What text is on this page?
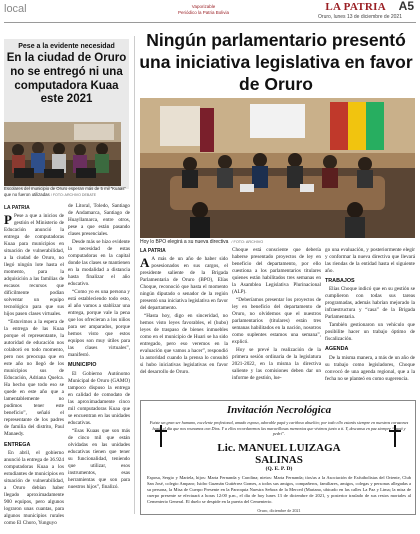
local	Vaporizable
Periódico la Patria Bolivia	LA PATRIA A5
Oruro, lunes 13 de diciembre de 2021
Pese a la evidente necesidad
En la ciudad de Oruro no se entregó ni una computadora Kuaa este 2021
Escolares del municipio de Oruro esperan más de 5 mil “Kuaas” que no fueron utilizadas / FOTO: ARCHIVO DEBATE
LA PATRIA

P Pese a que a inicios de gestión el Ministerio de Educación anunció la entrega de computadoras Kuaa para municipios en situación de vulnerabilidad, a la ciudad de Oruro, no llegó ningún lote hasta el momento, para la adquisición a las familias de escasos recursos que difícilmente podían solventar un equipo tecnológico para que sus hijos pasen clases virtuales.

“Estuvimos a la espera de la entrega de las Kuaa porque el representante, la autoridad de educación nos colaboró en todo momento, pero nos preocupa que en este año no llegó de los municipios sus de Educación, Adriana Quelca. Ha hecho que todo eso se quede en este año que a lamentablemente no pudimos tener este beneficio”, señaló el representante de los padres de familia del distrito, Paul Manaedy.

ENTREGA

En abril, el gobierno anunció la entrega de 36.924 computadoras Kuaa a los estudiantes de municipios en situación de vulnerabilidad, a Oruro debían haber llegado aproximadamente 900 equipos, pero algunos lograron unas cuantas, para algunos municipios rurales como El Choro, Yunguyo

de Litoral, Toledo, Santiago de Andamarca, Santiago de Huayllamarca, entre otros, pese a que están pasando clases presenciales.

Desde más se hizo evidente la necesidad de estas computadoras en la capital donde las clases se mantienen en la modalidad a distancia hasta finalizar el año educativo.

“Como yo es una persona y está estableciendo todo esto, al año vamos a stablizar una entrega, porque vale la pena que los ofrecieran a los niños para ser amparados, porque hemos visto que estos equipos son muy útiles para las clases virtuales”, manifestó.

MUNICIPIO

El Gobierno Autónomo Municipal de Oruro (GAMO) tampoco dispuso la entrega en calidad de comodato de las aproximadamente cinco mil computadoras Kuaa que se encuentran en las unidades educativas.

“Esas Kuaas que son más de cinco mil que están olvidadas en las unidades educativas tienen que tener su funcionalidad, teniendo que utilizar, esos instrumentos, esas herramientas que son para nuestros hijos”, finalizó.

Ningún parlamentario presentó una iniciativa legislativa en favor de Oruro
Hoy lo BPO elegirá a su nueva directiva / FOTO: ARCHIVO
LA PATRIA

A A más de un año de haber sido posesionados en sus cargos, el presidente saliente de la Brigada Parlamentaria de Oruro (BPO), Elías Choque, reconoció que hasta el momento ningún diputado o senador de la región presentó una iniciativa legislativa en favor del departamento.

“Hasta hoy, digo en sinceridad, no hemos visto leyes favorables, el (hubo) leyes de traspaso de bienes inmuebles como en el municipio de Huari se ha sido entregado, pero eso veremos en la evaluación que vamos a hacer”, respondió la autoridad cuando la prensa lo consultó si hubo iniciativas legislativas en favor del desarrollo de Oruro.

Choque está consciente que debería haberse presentado proyectos de ley en beneficio del departamento, por ello cuestiona a los parlamentarios titulares quienes están habilitados tres semanas en la Asamblea Legislativa Plurinacional (ALP).

“Deberíamos presentar los proyectos de ley en beneficio del departamento de Oruro, no olvidemos que el nuestros parlamentarios (titulares) están tres semanas habilitados en la nación, nosotros como suplentes estamos una semana”, explicó.

Hoy se prevé la realización de la primera sesión ordinaria de la legislatura 2021-2022, en la misma la directiva saliente y las comisiones deben dar un informe de gestión, lue-

go una evaluación, y posteriormente elegir y conformar la nueva directiva que llevará las riendas de la entidad hasta el siguiente año.

TRABAJOS

Elías Choque indicó que en su gestión se cumplieron con todas sus tareas programadas, además habrían mejorado la infraestructura y “casa” de la Brigada Parlamentaria.

También gestionaron un vehículo que posibilite hacer un trabajo óptimo de fiscalización.

AGENDA

De la misma manera, a más de un año de su trabajo como legisladores, Choque convocó de una agenda regional, que a la fecha no se planteó en como sugerencia.

Invitación Necrológica
Fuiste un gran ser humano, excelente profesional, amado esposo, adorable papá y cariñoso abuelito; por todo ello estarás siempre en nuestros corazones hasta el día que nos reunamos con Dios. Y a ellos recordaremos las maravillosas memorias que vivimos junto a ti. Y, descansa en paz siempre “papá y pedri”.
Lic. MANUEL LUIZAGA
SALINAS
(Q. E. P. D)
Esposa, Sergio y Mariela, hijos: Marta Fernanda y Carolina; nietos: Marta Fernanda; tíos/as a la Asociación de Exfutbolistas del Oriente, Club San José, colegio Amparo; Isidro Guzmán Gutiérrez Gomes, a todos sus amigos, compañeros, familiares, amigos, colegas y personas allegadas a su persona, la Misa de Cuerpo Presente en la Parroquia Nuestra Señora de la Merced (Mariano, ubicado en las calles La Paz y Lima; la misa de cuerpo presente se efectuará a horas 12:00 p.m., el día de hoy lunes 13 de diciembre de 2021, y posterior traslado de sus restos mortales al Cementerio General. El duelo se despide en la puerta del Cementerio.
Oruro, diciembre de 2021
